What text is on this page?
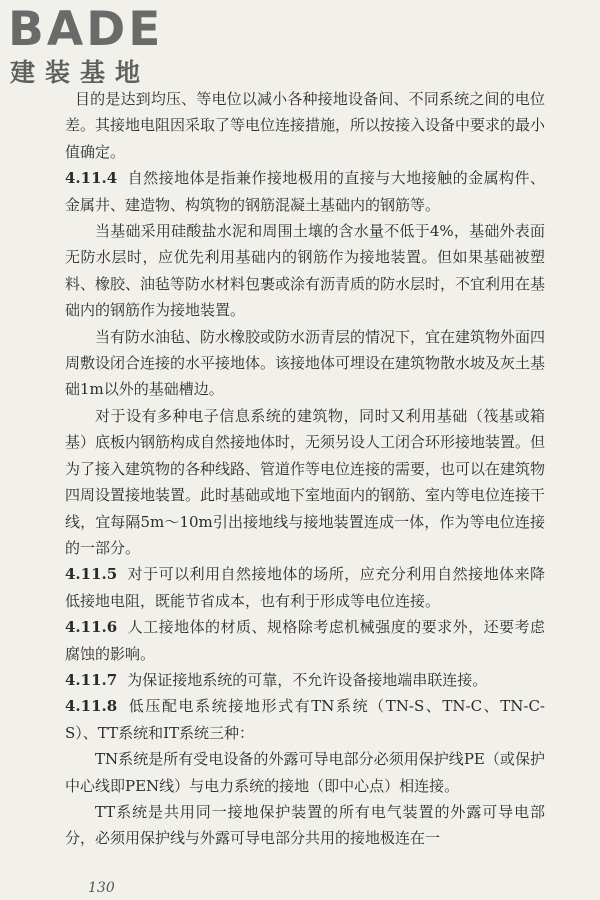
BADE
建装基地

目的是达到均压、等电位以减小各种接地设备间、不同系统之间的电位差。其接地电阻因采取了等电位连接措施，所以按接入设备中要求的最小值确定。

4.11.4 自然接地体是指兼作接地极用的直接与大地接触的金属构件、金属井、建造物、构筑物的钢筋混凝土基础内的钢筋等。

当基础采用硅酸盐水泥和周围土壤的含水量不低于4%，基础外表面无防水层时，应优先利用基础内的钢筋作为接地装置。但如果基础被塑料、橡胶、油毡等防水材料包裹或涂有沥青质的防水层时，不宜利用在基础内的钢筋作为接地装置。

当有防水油毡、防水橡胶或防水沥青层的情况下，宜在建筑物外面四周敷设闭合连接的水平接地体。该接地体可埋设在建筑物散水坡及灰土基础1m以外的基础槽边。

对于设有多种电子信息系统的建筑物，同时又利用基础（筏基或箱基）底板内钢筋构成自然接地体时，无须另设人工闭合环形接地装置。但为了接入建筑物的各种线路、管道作等电位连接的需要，也可以在建筑物四周设置接地装置。此时基础或地下室地面内的钢筋、室内等电位连接干线，宜每隔5m～10m引出接地线与接地装置连成一体，作为等电位连接的一部分。

4.11.5 对于可以利用自然接地体的场所，应充分利用自然接地体来降低接地电阻，既能节省成本，也有利于形成等电位连接。

4.11.6 人工接地体的材质、规格除考虑机械强度的要求外，还要考虑腐蚀的影响。

4.11.7 为保证接地系统的可靠，不允许设备接地端串联连接。

4.11.8 低压配电系统接地形式有TN系统（TN-S、TN-C、TN-C-S）、TT系统和IT系统三种：

TN系统是所有受电设备的外露可导电部分必须用保护线PE（或保护中心线即PEN线）与电力系统的接地（即中心点）相连接。

TT系统是共用同一接地保护装置的所有电气装置的外露可导电部分，必须用保护线与外露可导电部分共用的接地极连在一

130
